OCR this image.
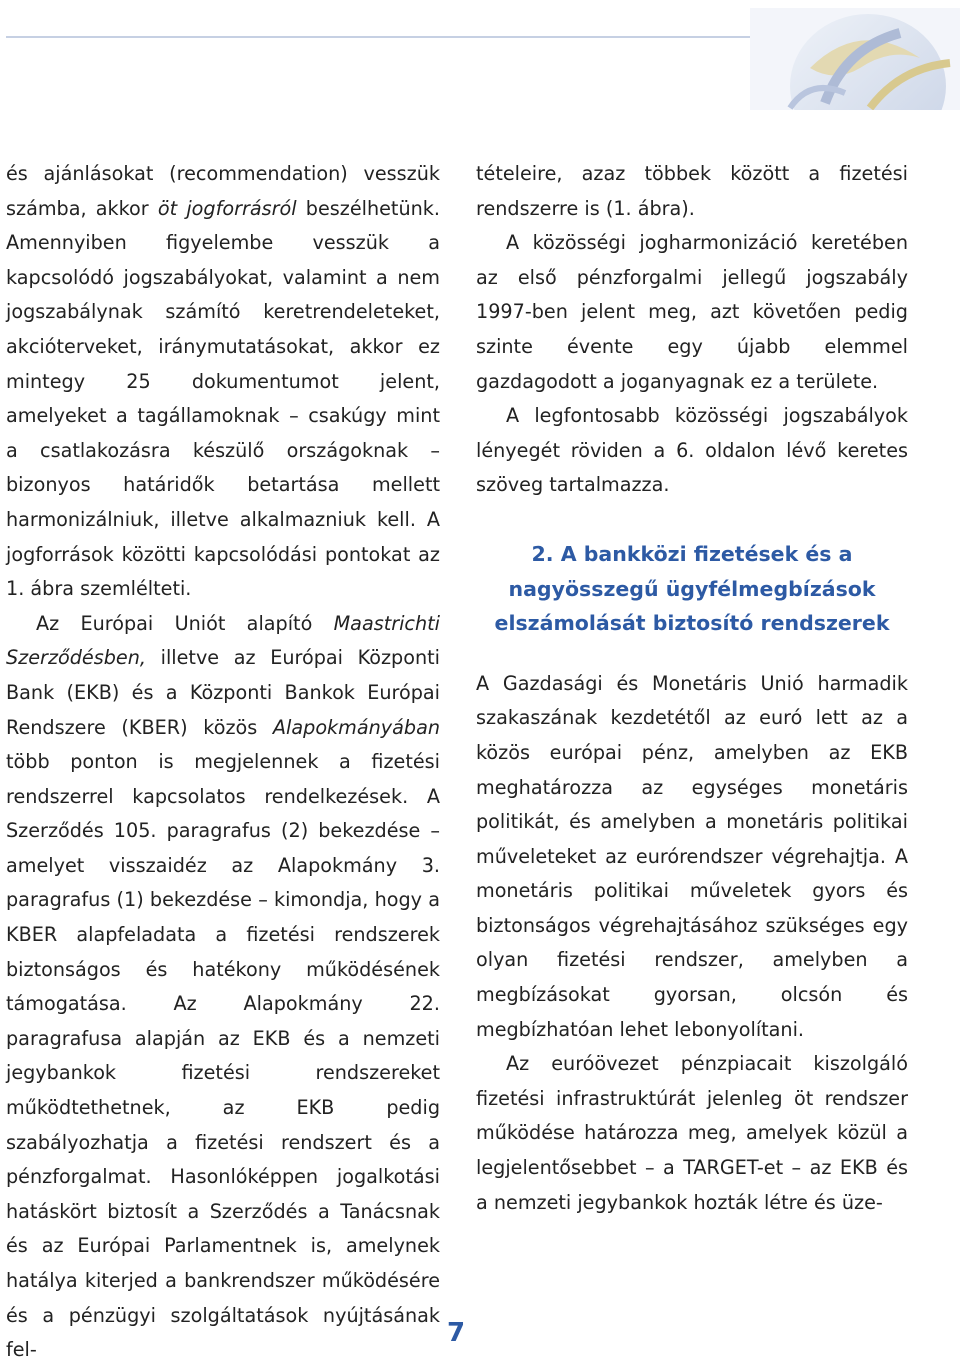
és ajánlásokat (recommendation) vesszük számba, akkor öt jogforrásról beszélhetünk. Amennyiben figyelembe vesszük a kapcsolódó jogszabályokat, valamint a nem jogszabálynak számító keretrendeleteket, akcióterveket, iránymutatásokat, akkor ez mintegy 25 dokumentumot jelent, amelyeket a tagállamoknak – csakúgy mint a csatlakozásra készülő országoknak – bizonyos határidők betartása mellett harmonizálniuk, illetve alkalmazniuk kell. A jogforrások közötti kapcsolódási pontokat az 1. ábra szemlélteti.

Az Európai Uniót alapító Maastrichti Szerződésben, illetve az Európai Központi Bank (EKB) és a Központi Bankok Európai Rendszere (KBER) közös Alapokmányában több ponton is megjelennek a fizetési rendszerrel kapcsolatos rendelkezések. A Szerződés 105. paragrafus (2) bekezdése – amelyet visszaidéz az Alapokmány 3. paragrafus (1) bekezdése – kimondja, hogy a KBER alapfeladata a fizetési rendszerek biztonságos és hatékony működésének támogatása. Az Alapokmány 22. paragrafusa alapján az EKB és a nemzeti jegybankok fizetési rendszereket működtethetnek, az EKB pedig szabályozhatja a fizetési rendszert és a pénzforgalmat. Hasonlóképpen jogalkotási hatáskört biztosít a Szerződés a Tanácsnak és az Európai Parlamentnek is, amelynek hatálya kiterjed a bankrendszer működésére és a pénzügyi szolgáltatások nyújtásának fel-

tételeire, azaz többek között a fizetési rendszerre is (1. ábra).

A közösségi jogharmonizáció keretében az első pénzforgalmi jellegű jogszabály 1997-ben jelent meg, azt követően pedig szinte évente egy újabb elemmel gazdagodott a joganyagnak ez a területe.

A legfontosabb közösségi jogszabályok lényegét röviden a 6. oldalon lévő keretes szöveg tartalmazza.

2. A bankközi fizetések és a nagyösszegű ügyfélmegbízások elszámolását biztosító rendszerek

A Gazdasági és Monetáris Unió harmadik szakaszának kezdetétől az euró lett az a közös európai pénz, amelyben az EKB meghatározza az egységes monetáris politikát, és amelyben a monetáris politikai műveleteket az eurórendszer végrehajtja. A monetáris politikai műveletek gyors és biztonságos végrehajtásához szükséges egy olyan fizetési rendszer, amelyben a megbízásokat gyorsan, olcsón és megbízhatóan lehet lebonyolítani.

Az euróövezet pénzpiacait kiszolgáló fizetési infrastruktúrát jelenleg öt rendszer működése határozza meg, amelyek közül a legjelentősebbet – a TARGET-et – az EKB és a nemzeti jegybankok hozták létre és üze-

7
